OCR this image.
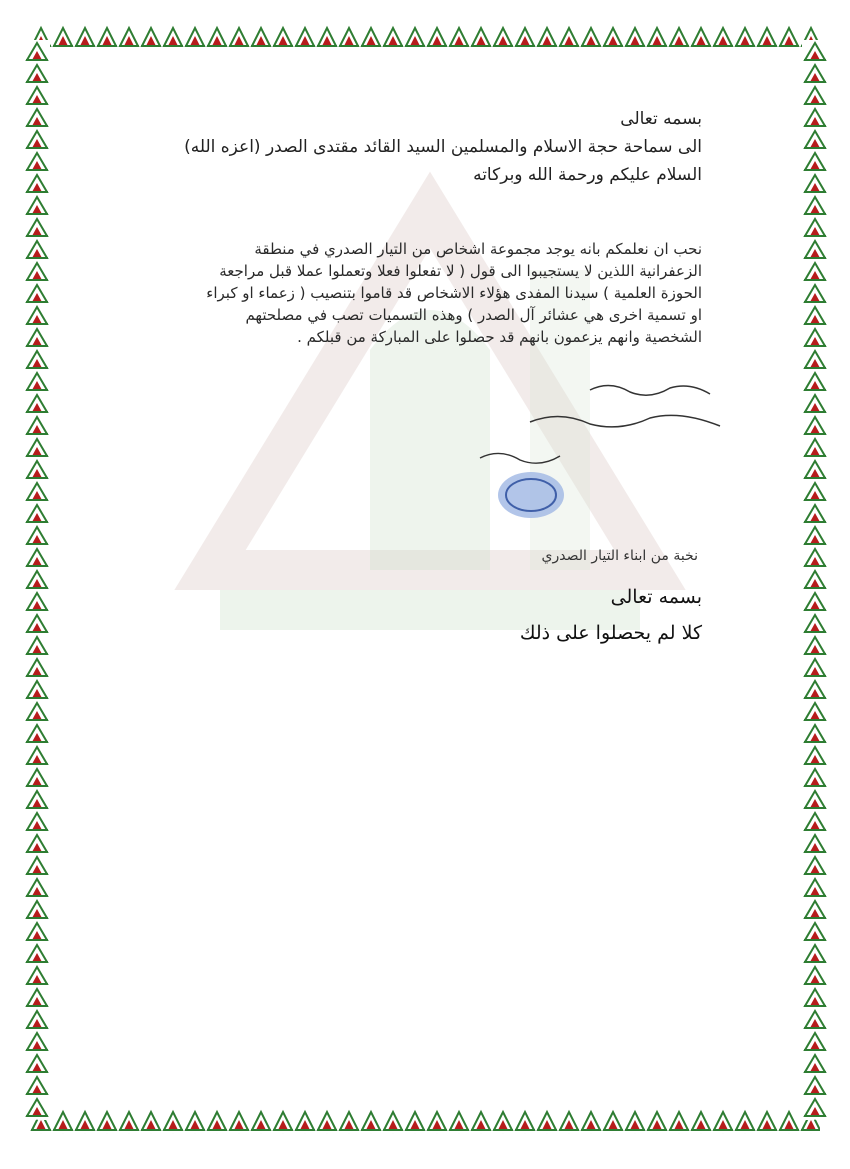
بسمه تعالى
الى سماحة حجة الاسلام والمسلمين السيد القائد مقتدى الصدر (اعزه الله)
السلام عليكم ورحمة الله وبركاته
نحب ان نعلمكم بانه يوجد مجموعة اشخاص من التيار الصدري في منطقة
الزعفرانية اللذين لا يستجيبوا الى قول ( لا تفعلوا فعلا وتعملوا عملا قبل مراجعة
الحوزة العلمية ) سيدنا المفدى هؤلاء الاشخاص قد قاموا بتنصيب ( زعماء او كبراء
او تسمية اخرى هي عشائر آل الصدر ) وهذه التسميات تصب في مصلحتهم
الشخصية وانهم يزعمون بانهم قد حصلوا على المباركة من قبلكم .
نخبة من ابناء التيار الصدري
بسمه تعالى
كلا لم يحصلوا على ذلك
